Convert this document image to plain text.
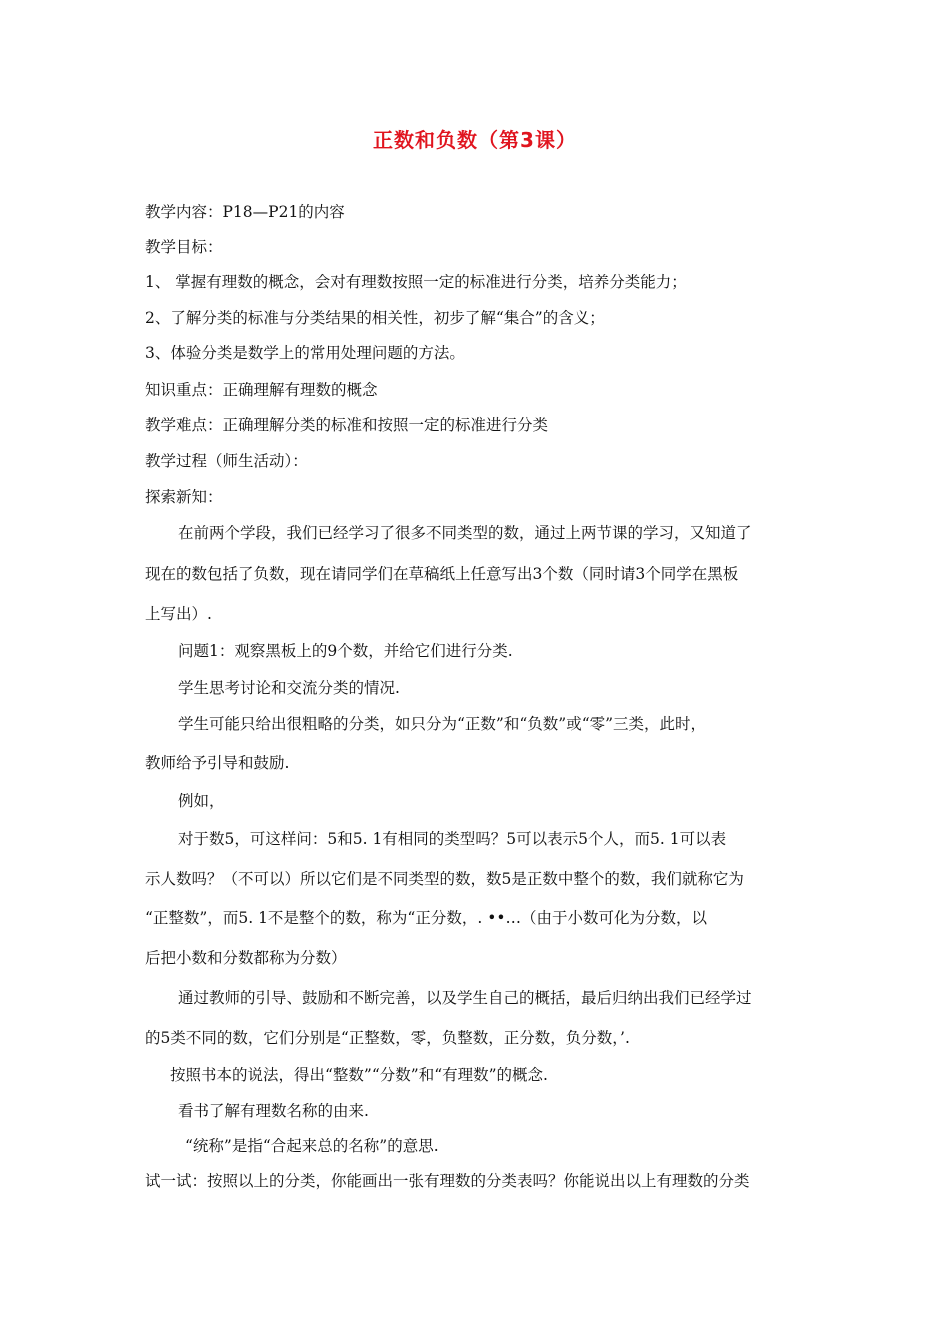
正数和负数（第3课）
教学内容：P18—P21的内容
教学目标：
1、 掌握有理数的概念，会对有理数按照一定的标准进行分类，培养分类能力；
2、了解分类的标准与分类结果的相关性，初步了解“集合”的含义；
3、体验分类是数学上的常用处理问题的方法。
知识重点：正确理解有理数的概念
教学难点：正确理解分类的标准和按照一定的标准进行分类
教学过程（师生活动）：
探索新知：
在前两个学段，我们已经学习了很多不同类型的数，通过上两节课的学习，又知道了
现在的数包括了负数，现在请同学们在草稿纸上任意写出3个数（同时请3个同学在黑板
上写出）.
问题1：观察黑板上的9个数，并给它们进行分类.
学生思考讨论和交流分类的情况.
学生可能只给出很粗略的分类，如只分为“正数”和“负数”或“零”三类，此时，
教师给予引导和鼓励.
例如，
对于数5，可这样问：5和5. 1有相同的类型吗？5可以表示5个人，而5. 1可以表
示人数吗？（不可以）所以它们是不同类型的数，数5是正数中整个的数，我们就称它为
“正整数”，而5. 1不是整个的数，称为“正分数，. ••…（由于小数可化为分数，以
后把小数和分数都称为分数）
通过教师的引导、鼓励和不断完善，以及学生自己的概括，最后归纳出我们已经学过
的5类不同的数，它们分别是“正整数，零，负整数，正分数，负分数，’.
按照书本的说法，得出“整数”“分数”和“有理数”的概念.
看书了解有理数名称的由来.
“统称”是指“合起来总的名称”的意思.
试一试：按照以上的分类，你能画出一张有理数的分类表吗？你能说出以上有理数的分类
